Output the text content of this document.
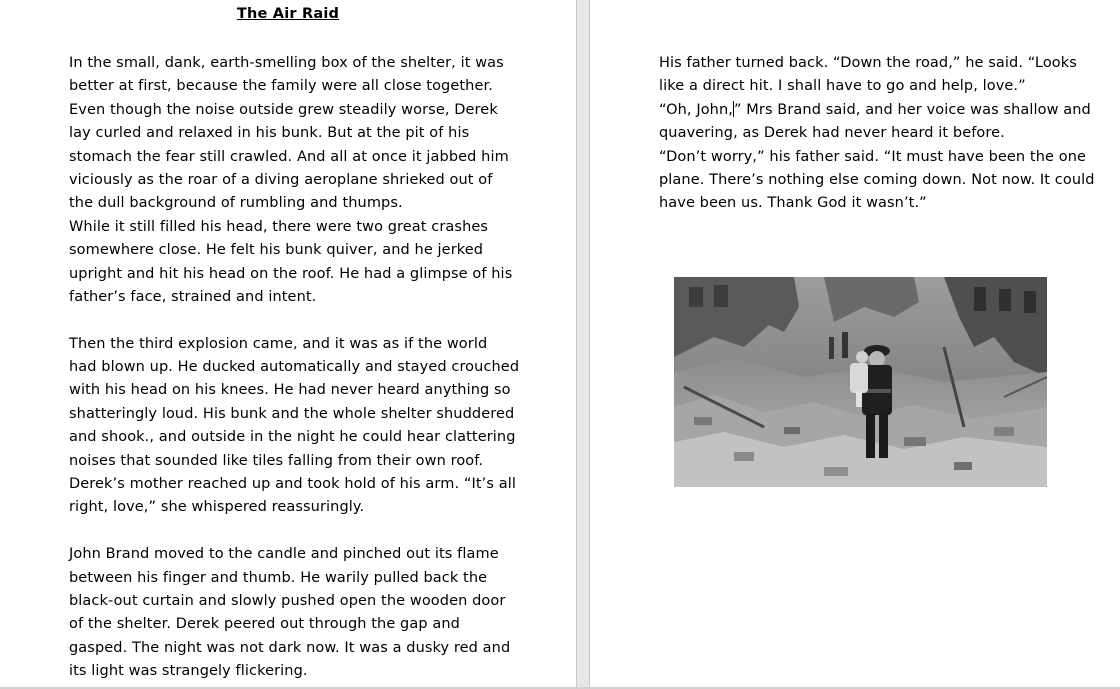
The Air Raid
In the small, dank, earth-smelling box of the shelter, it was
better at first, because the family were all close together.
Even though the noise outside grew steadily worse, Derek
lay curled and relaxed in his bunk. But at the pit of his
stomach the fear still crawled. And all at once it jabbed him
viciously as the roar of a diving aeroplane shrieked out of
the dull background of rumbling and thumps.
While it still filled his head, there were two great crashes
somewhere close. He felt his bunk quiver, and he jerked
upright and hit his head on the roof. He had a glimpse of his
father’s face, strained and intent.
Then the third explosion came, and it was as if the world
had blown up. He ducked automatically and stayed crouched
with his head on his knees. He had never heard anything so
shatteringly loud. His bunk and the whole shelter shuddered
and shook., and outside in the night he could hear clattering
noises that sounded like tiles falling from their own roof.
Derek’s mother reached up and took hold of his arm. “It’s all
right, love,” she whispered reassuringly.
John Brand moved to the candle and pinched out its flame
between his finger and thumb. He warily pulled back the
black-out curtain and slowly pushed open the wooden door
of the shelter. Derek peered out through the gap and
gasped. The night was not dark now. It was a dusky red and
its light was strangely flickering.
His father turned back. “Down the road,” he said. “Looks
like a direct hit. I shall have to go and help, love.”
“Oh, John,” Mrs Brand said, and her voice was shallow and
quavering, as Derek had never heard it before.
“Don’t worry,” his father said. “It must have been the one
plane. There’s nothing else coming down. Not now. It could
have been us. Thank God it wasn’t.”
